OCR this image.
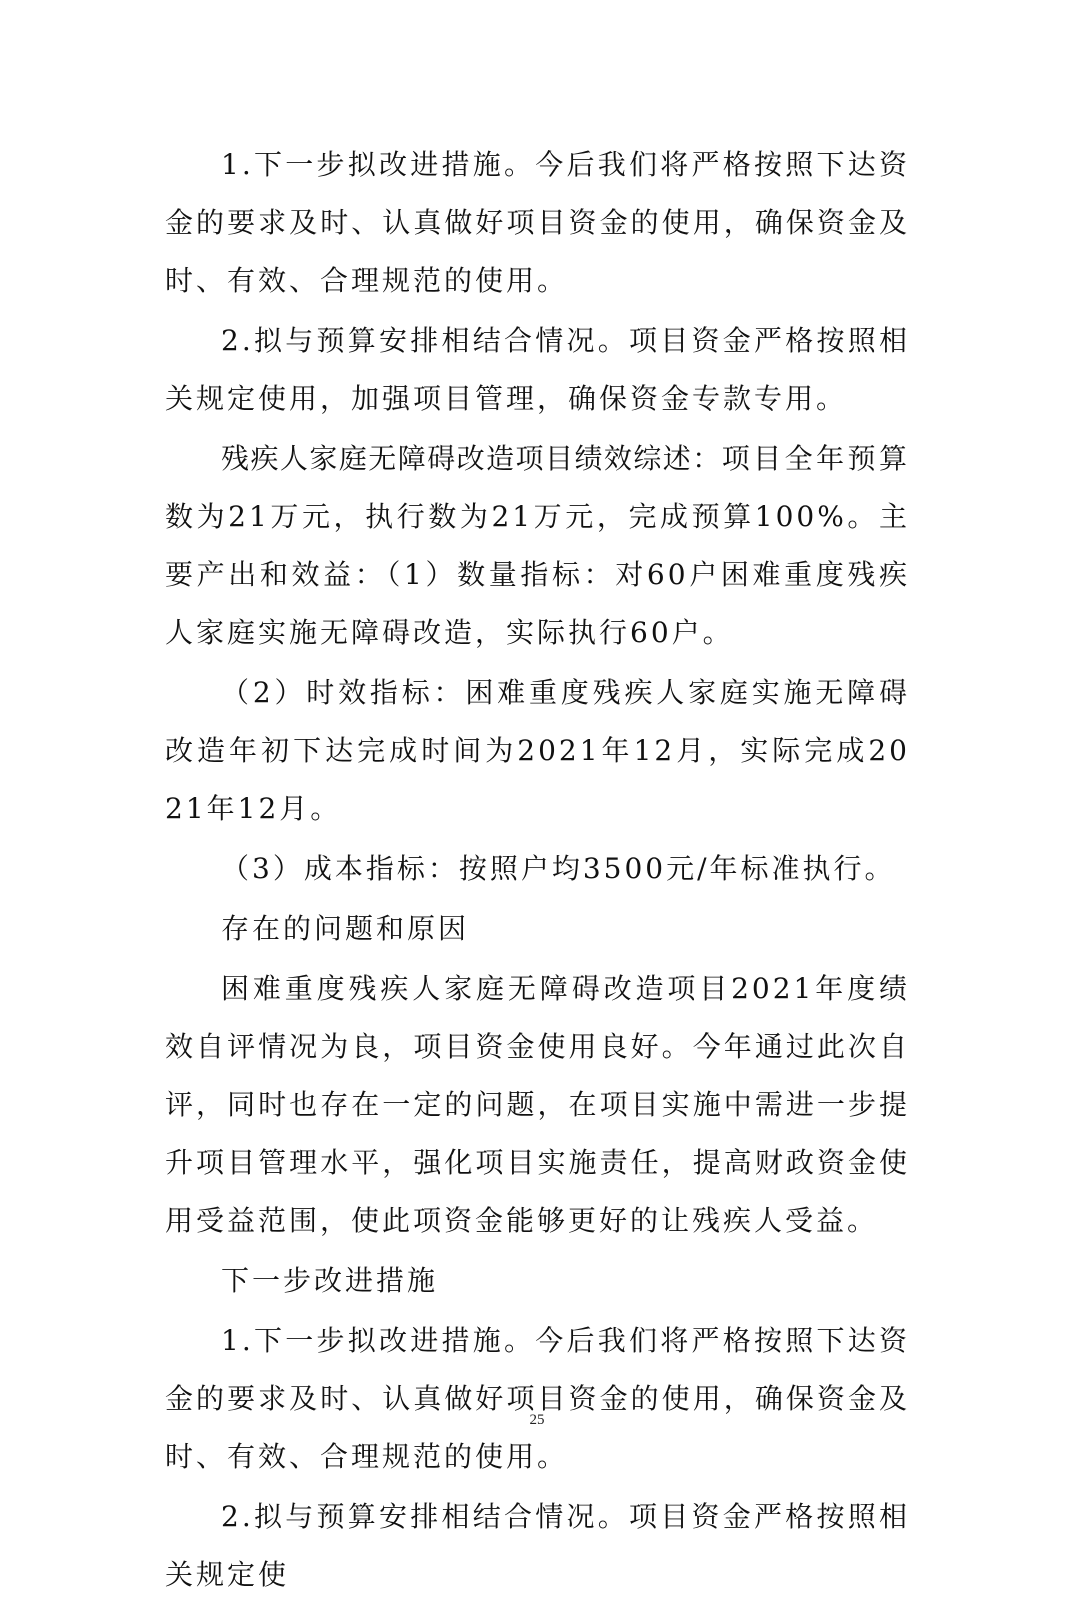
1.下一步拟改进措施。今后我们将严格按照下达资金的要求及时、认真做好项目资金的使用，确保资金及时、有效、合理规范的使用。

2.拟与预算安排相结合情况。项目资金严格按照相关规定使用，加强项目管理，确保资金专款专用。

残疾人家庭无障碍改造项目绩效综述：项目全年预算数为21万元，执行数为21万元，完成预算100%。主要产出和效益：（1）数量指标：对60户困难重度残疾人家庭实施无障碍改造，实际执行60户。

（2）时效指标：困难重度残疾人家庭实施无障碍改造年初下达完成时间为2021年12月，实际完成2021年12月。

（3）成本指标：按照户均3500元/年标准执行。

存在的问题和原因

困难重度残疾人家庭无障碍改造项目2021年度绩效自评情况为良，项目资金使用良好。今年通过此次自评，同时也存在一定的问题，在项目实施中需进一步提升项目管理水平，强化项目实施责任，提高财政资金使用受益范围，使此项资金能够更好的让残疾人受益。

下一步改进措施

1.下一步拟改进措施。今后我们将严格按照下达资金的要求及时、认真做好项目资金的使用，确保资金及时、有效、合理规范的使用。

2.拟与预算安排相结合情况。项目资金严格按照相关规定使

25
